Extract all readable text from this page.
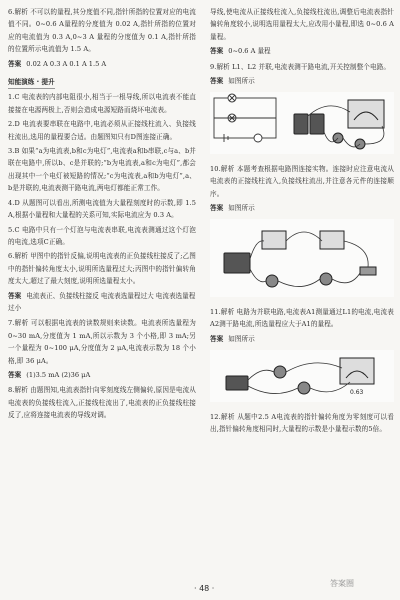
6.解析 不可以的量程,其分度值不同,指针所指的位置对应的电流值不同。0~0.6 A量程的分度值为 0.02 A,指针所指的位置对应的电流值为 0.3 A,0~3 A 量程的分度值为 0.1 A,指针所指的位置所示电流值为 1.5 A。

答案 0.02 A 0.3 A 0.1 A 1.5 A

知能演练 · 提升

1.C 电流表的内部电阻很小,相当于一根导线,所以电流表不能直接接在电源两极上,否则会造成电源短路而烧坏电流表。

2.D 电流表要串联在电路中,电流必须从正接线柱流入、负接线柱流出,选用的量程要合适。由题图知只有D图连接正确。

3.B 如果“a为电流表,b和c为电灯”,电流表a和b串联,c与a、b并联在电路中,所以b、c是并联的;“b为电流表,a和c为电灯”,都会出现其中一个电灯被短路的情况;“c为电流表,a和b为电灯”,a、b是并联的,电流表测干路电流,两电灯都能正常工作。

4.D 从题图可以看出,所测电流值为大量程刻度时的示数,即 1.5 A,根据小量程和大量程的关系可知,实际电流应为 0.3 A。

5.C 电路中只有一个灯泡与电流表串联,电流表测通过这个灯泡的电流,选项C正确。

6.解析 甲图中的指针反偏,说明电流表的正负接线柱接反了;乙图中的指针偏转角度太小,说明所选量程过大;丙图中的指针偏转角度太大,超过了最大刻度,说明所选量程太小。

答案 电流表正、负接线柱接反 电流表选量程过大 电流表选量程过小

7.解析 可以根据电流表的读数规则来读数。电流表所选量程为 0~30 mA,分度值为 1 mA,所以示数为 3 个小格,即 3 mA;另一个量程为 0~100 μA,分度值为 2 μA,电流表示数为 18 个小格,即 36 μA。

答案 (1)3.5 mA (2)36 μA

8.解析 由题图知,电流表指针向零刻度线左侧偏转,原因是电流从电流表的负接线柱流入,正接线柱流出了,电流表的正负接线柱接反了,应将连接电流表的导线对调。

导线,使电流从正接线柱流入,负接线柱流出,调整后电流表指针偏转角度较小,说明选用量程太大,应改用小量程,即选 0~0.6 A 量程。

答案 0~0.6 A 量程

9.解析 L1、L2 并联,电流表测干路电流,开关控制整个电路。

答案 如图所示

10.解析 本题考查根据电路图连接实物。连接时应注意电流从电流表的正接线柱流入,负接线柱流出,并注意各元件的连接顺序。

答案 如图所示

11.解析 电路为并联电路,电流表A1测量通过L1的电流,电流表A2测干路电流,所选量程应大于A1的量程。

答案 如图所示

0.63

12.解析 从题中2.5 A电流表的指针偏转角度为零刻度可以看出,指针偏转角度相同时,大量程的示数是小量程示数的5倍。

· 48 ·
答案圈
